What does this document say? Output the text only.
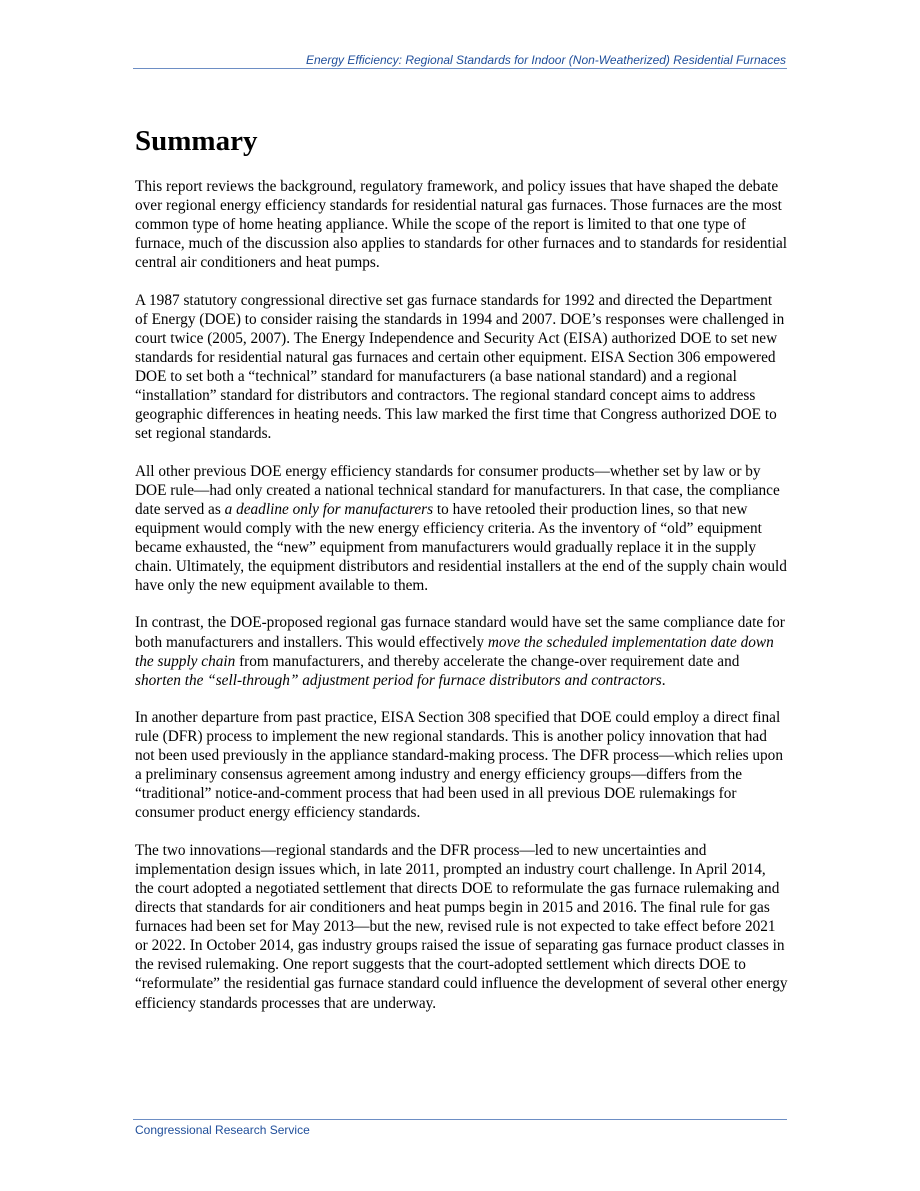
Energy Efficiency: Regional Standards for Indoor (Non-Weatherized) Residential Furnaces
Summary

This report reviews the background, regulatory framework, and policy issues that have shaped the debate over regional energy efficiency standards for residential natural gas furnaces. Those furnaces are the most common type of home heating appliance. While the scope of the report is limited to that one type of furnace, much of the discussion also applies to standards for other furnaces and to standards for residential central air conditioners and heat pumps.

A 1987 statutory congressional directive set gas furnace standards for 1992 and directed the Department of Energy (DOE) to consider raising the standards in 1994 and 2007. DOE’s responses were challenged in court twice (2005, 2007). The Energy Independence and Security Act (EISA) authorized DOE to set new standards for residential natural gas furnaces and certain other equipment. EISA Section 306 empowered DOE to set both a “technical” standard for manufacturers (a base national standard) and a regional “installation” standard for distributors and contractors. The regional standard concept aims to address geographic differences in heating needs. This law marked the first time that Congress authorized DOE to set regional standards.

All other previous DOE energy efficiency standards for consumer products—whether set by law or by DOE rule—had only created a national technical standard for manufacturers. In that case, the compliance date served as a deadline only for manufacturers to have retooled their production lines, so that new equipment would comply with the new energy efficiency criteria. As the inventory of “old” equipment became exhausted, the “new” equipment from manufacturers would gradually replace it in the supply chain. Ultimately, the equipment distributors and residential installers at the end of the supply chain would have only the new equipment available to them.

In contrast, the DOE-proposed regional gas furnace standard would have set the same compliance date for both manufacturers and installers. This would effectively move the scheduled implementation date down the supply chain from manufacturers, and thereby accelerate the change-over requirement date and shorten the “sell-through” adjustment period for furnace distributors and contractors.

In another departure from past practice, EISA Section 308 specified that DOE could employ a direct final rule (DFR) process to implement the new regional standards. This is another policy innovation that had not been used previously in the appliance standard-making process. The DFR process—which relies upon a preliminary consensus agreement among industry and energy efficiency groups—differs from the “traditional” notice-and-comment process that had been used in all previous DOE rulemakings for consumer product energy efficiency standards.

The two innovations—regional standards and the DFR process—led to new uncertainties and implementation design issues which, in late 2011, prompted an industry court challenge. In April 2014, the court adopted a negotiated settlement that directs DOE to reformulate the gas furnace rulemaking and directs that standards for air conditioners and heat pumps begin in 2015 and 2016. The final rule for gas furnaces had been set for May 2013—but the new, revised rule is not expected to take effect before 2021 or 2022. In October 2014, gas industry groups raised the issue of separating gas furnace product classes in the revised rulemaking. One report suggests that the court-adopted settlement which directs DOE to “reformulate” the residential gas furnace standard could influence the development of several other energy efficiency standards processes that are underway.

Congressional Research Service
